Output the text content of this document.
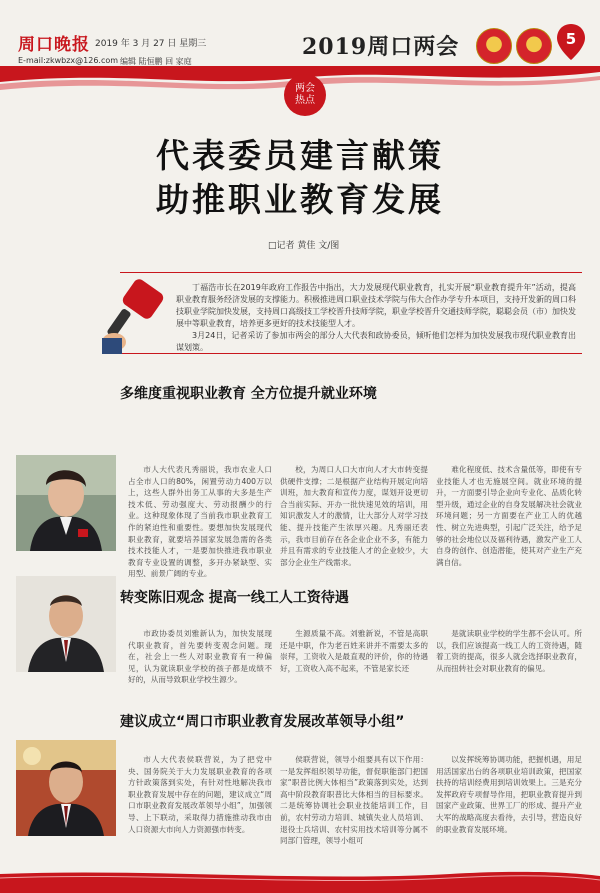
周口晚报 2019 年 3 月 27 日 星期三
E-mail:zkwbzx@126.com 编辑 陆恒鹏 回 家庭
2019周口两会	5
两会
热点
代表委员建言献策
助推职业教育发展
□记者 黄佳 文/图
丁福浩市长在2019年政府工作报告中指出，大力发展现代职业教育，扎实开展“职业教育提升年”活动，提高职业教育服务经济发展的支撑能力。积极推进周口职业技术学院与伟大合作办学专升本项目，支持开发新的周口科技职业学院加快发展，支持周口高级技工学校晋升技师学院，职业学校晋升交通技师学院，聪聪会员（市）加快发展中等职业教育，培养更多更好的技术技能型人才。
3月24日，记者采访了参加市两会的部分人大代表和政协委员，倾听他们怎样为加快发展我市现代职业教育出谋划策。
多维度重视职业教育 全方位提升就业环境
市人大代表凡秀丽说，我市农业人口占全市人口的80%，闲置劳动力400万以上，这些人群外出务工从事的大多是生产技术低、劳动强度大、劳动报酬少的行业。这种现象体现了当前我市职业教育工作的紧迫性和重要性。要想加快发展现代职业教育，就要培养国家发展急需的各类技术技能人才，一是要加快推进我市职业教育专业设置的调整，多开办紧缺型、实用型、前景广阔的专业。
校，为周口人口大市向人才大市转变提供硬件支撑；二是根据产业结构开展定向培训班，加大教育和宣传力度，谋划开设更切合当前实际、开办一批快速见效的培训，用知识激发人才的激情，让大部分人对学习技能、提升技能产生浓厚兴趣。凡秀丽还表示，我市目前存在各企业企业不多，有能力并且有需求的专业技能人才的企业较少，大部分企业生产线需求。
难化程度低、技术含量低等，即使有专业技能人才也无施展空间。就业环境的提升，一方面要引导企业向专业化、品质化转型升级，通过企业的自身发展解决社会就业环境问题；另一方面要在产业工人的优越性、树立先进典型，引起广泛关注，给予足够的社会地位以及福利待遇，激发产业工人自身的创作、创造潜能，使其对产业生产充满自信。
转变陈旧观念 提高一线工人工资待遇
市政协委员刘雅新认为，加快发展现代职业教育，首先要转变观念问题。现在，社会上一些人对职业教育有一种偏见，认为就读职业学校的孩子都是成绩不好的，从而导致职业学校生源少。
生源质量不高。刘雅新说，不管是高职还是中职，作为老百姓来讲并不需要太多的崇拜，工资收入是最直观的评价，你的待遇好，工资收入高不起来，不管是家长还
是就读职业学校的学生都不会认可。所以，我们应该提高一线工人的工资待遇，随着工资的提高，很多人就会选择职业教育，从而扭转社会对职业教育的偏见。
建议成立“周口市职业教育发展改革领导小组”
市人大代表侯联营说，为了把党中央、国务院关于大力发展职业教育的各项方针政策落到实处，有针对性地解决我市职业教育发展中存在的问题，建议成立“周口市职业教育发展改革领导小组”，加强领导、上下联动，采取得力措施推动我市由人口资源大市向人力资源强市转变。
侯联营说，领导小组要具有以下作用：一是发挥组织领导功能，督促职能部门把国家“职普比例大体相当”政策落到实处，达到高中阶段教育职普比大体相当的目标要求。二是统筹协调社会职业技能培训工作，目前，农村劳动力培训、城镇失业人员培训、退役士兵培训、农村实用技术培训等分属不同部门管理，领导小组可
以发挥统筹协调功能，把握机遇，用足用活国家出台的各项职业培训政策，把国家扶持的培训经费用到培训效果上。三是充分发挥政府专项督导作用，把职业教育提升到国家产业政策、世界工厂的形成、提升产业大军的战略高度去看待，去引导，营造良好的职业教育发展环境。
